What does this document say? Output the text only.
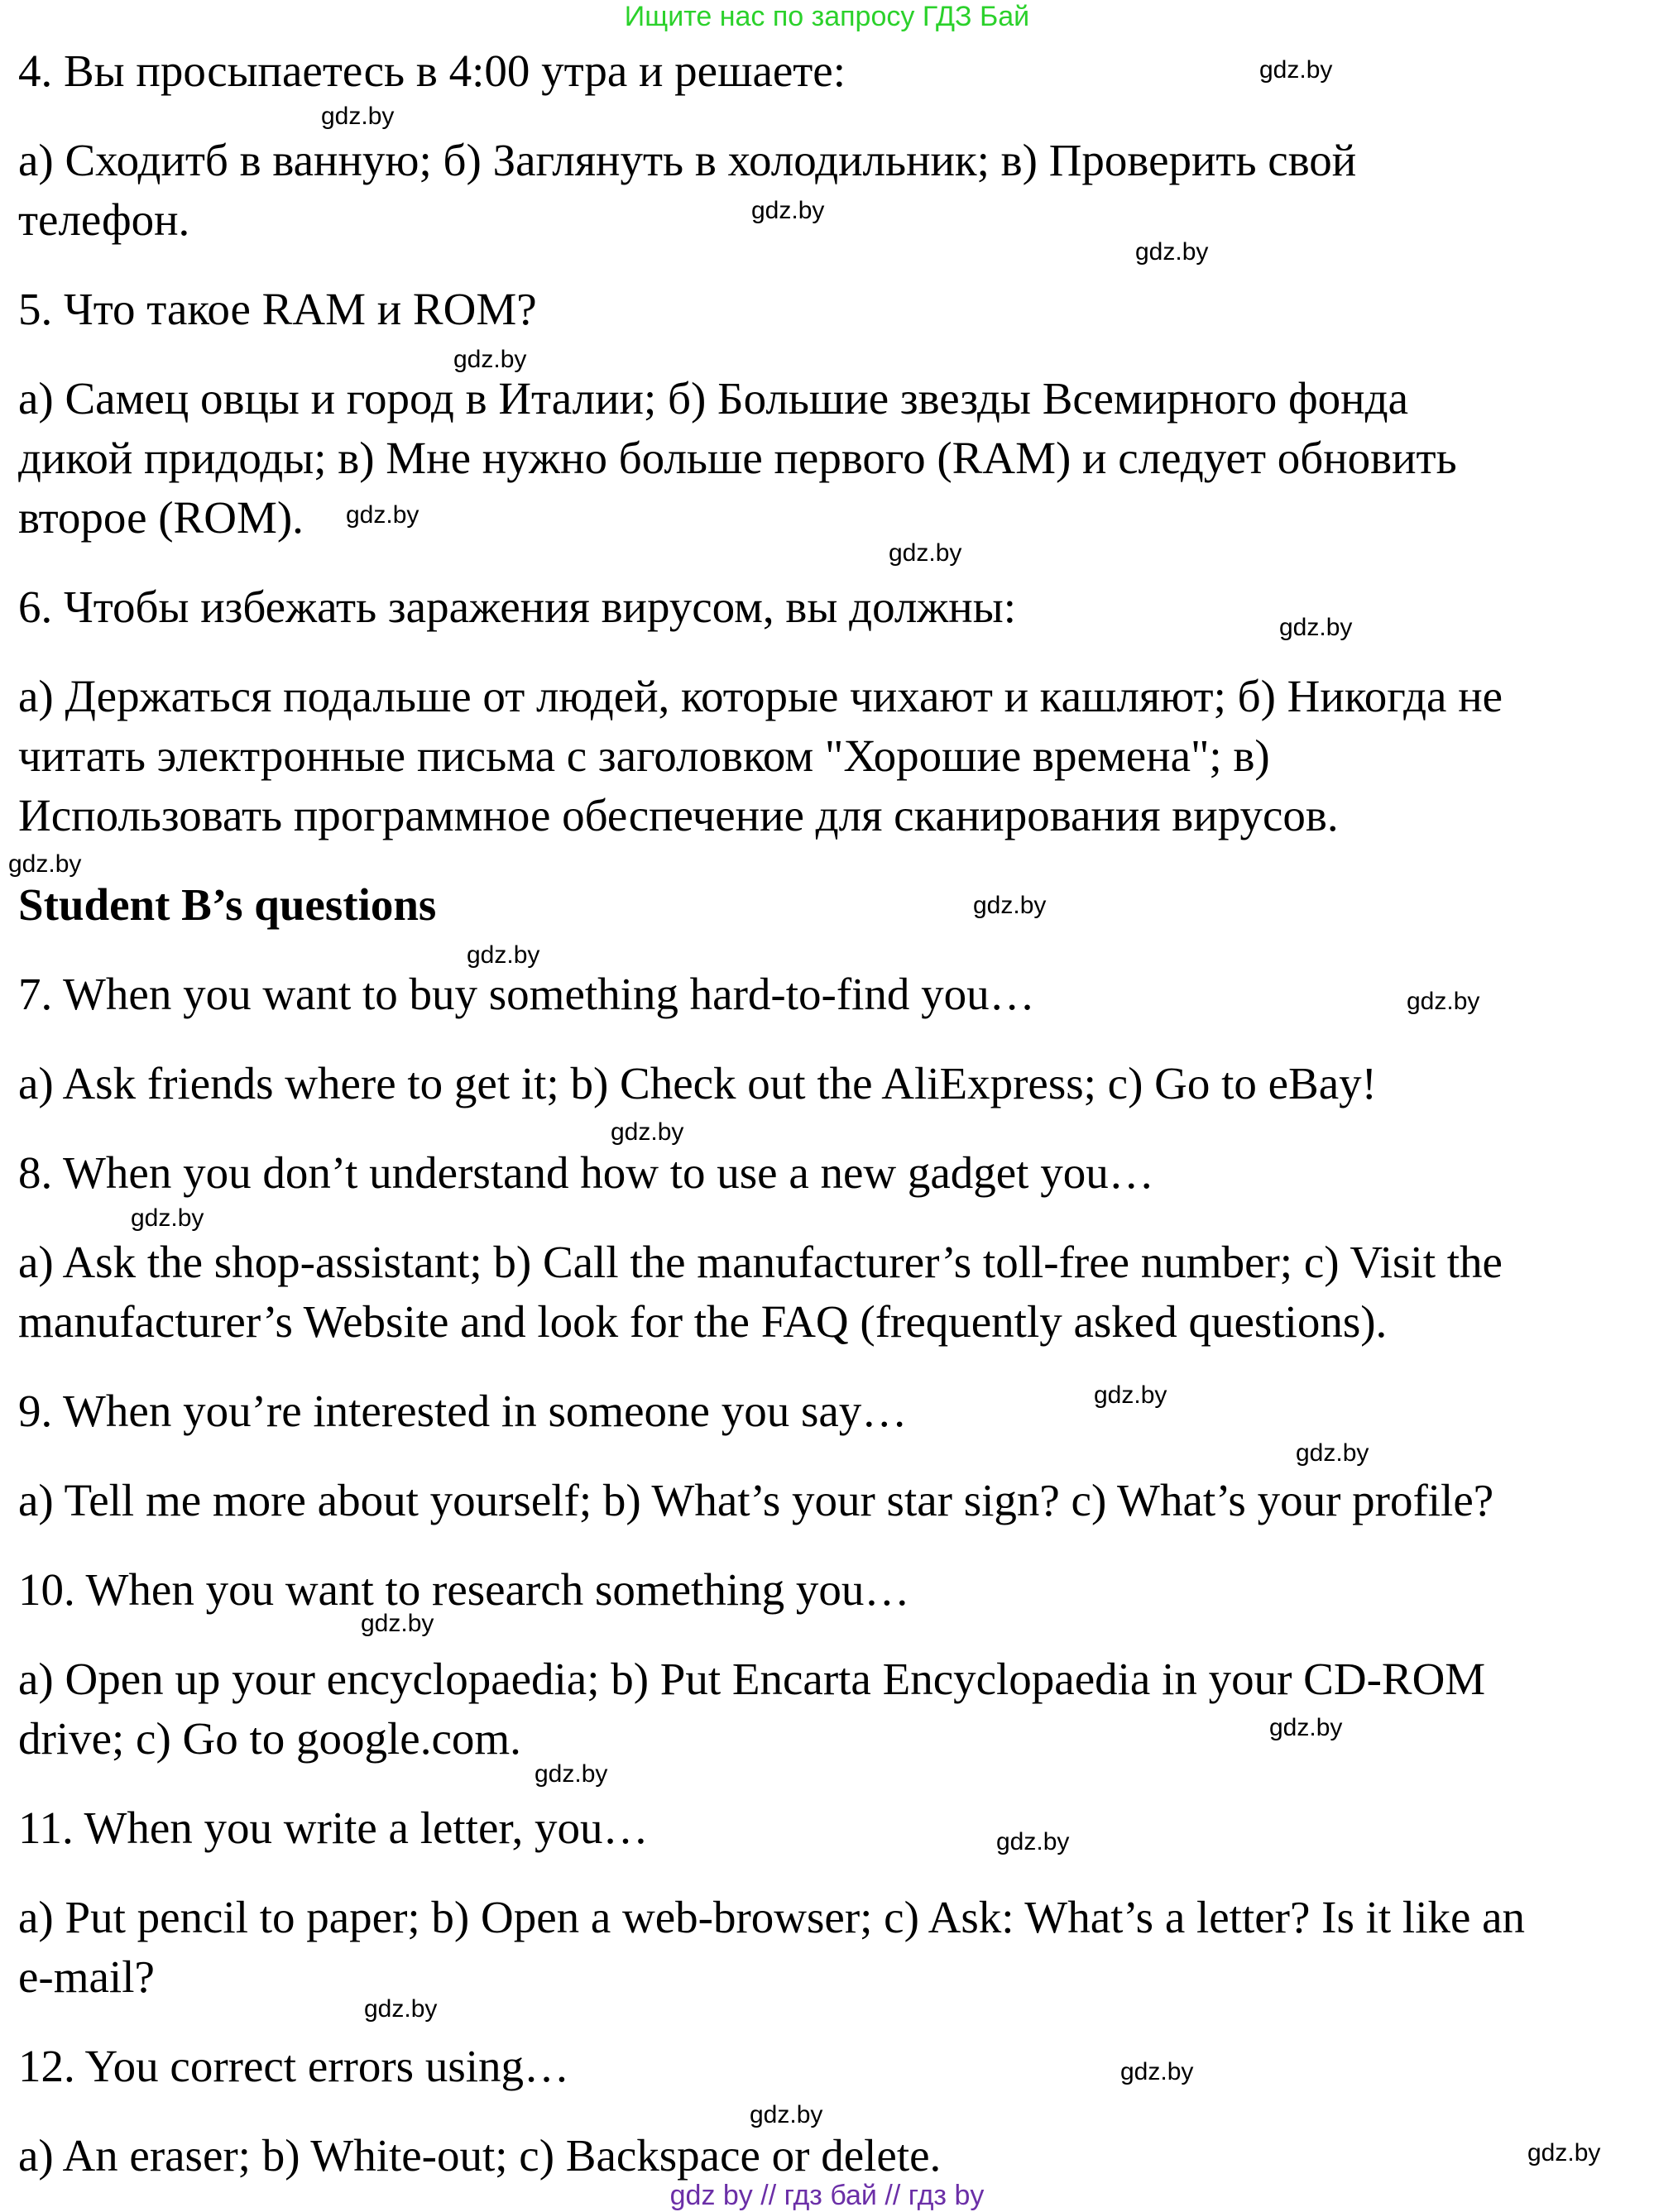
Ищите нас по запросу ГДЗ Бай
4. Вы просыпаетесь в 4:00 утра и решаете:
а) Сходитб в ванную; б) Заглянуть в холодильник; в) Проверить свой
телефон.
5. Что такое RAM и ROM?
а) Самец овцы и город в Италии; б) Большие звезды Всемирного фонда
дикой придоды; в) Мне нужно больше первого (RAM) и следует обновить
второе (ROM).
6. Чтобы избежать заражения вирусом, вы должны:
а) Держаться подальше от людей, которые чихают и кашляют; б) Никогда не
читать электронные письма с заголовком "Хорошие времена"; в)
Использовать программное обеспечение для сканирования вирусов.
Student B’s questions
7. When you want to buy something hard-to-find you…
a) Ask friends where to get it; b) Check out the AliExpress; c) Go to eBay!
8. When you don’t understand how to use a new gadget you…
a) Ask the shop-assistant; b) Call the manufacturer’s toll-free number; c) Visit the
manufacturer’s Website and look for the FAQ (frequently asked questions).
9. When you’re interested in someone you say…
a) Tell me more about yourself; b) What’s your star sign? c) What’s your profile?
10. When you want to research something you…
a) Open up your encyclopaedia; b) Put Encarta Encyclopaedia in your CD-ROM
drive; c) Go to google.com.
11. When you write a letter, you…
a) Put pencil to paper; b) Open a web-browser; c) Ask: What’s a letter? Is it like an
e-mail?
12. You correct errors using…
a) An eraser; b) White-out; c) Backspace or delete.
gdz.by
gdz.by
gdz.by
gdz.by
gdz.by
gdz.by
gdz.by
gdz.by
gdz.by
gdz.by
gdz.by
gdz.by
gdz.by
gdz.by
gdz.by
gdz.by
gdz.by
gdz.by
gdz.by
gdz.by
gdz.by
gdz.by
gdz.by
gdz.by
gdz by // гдз бай // гдз by
